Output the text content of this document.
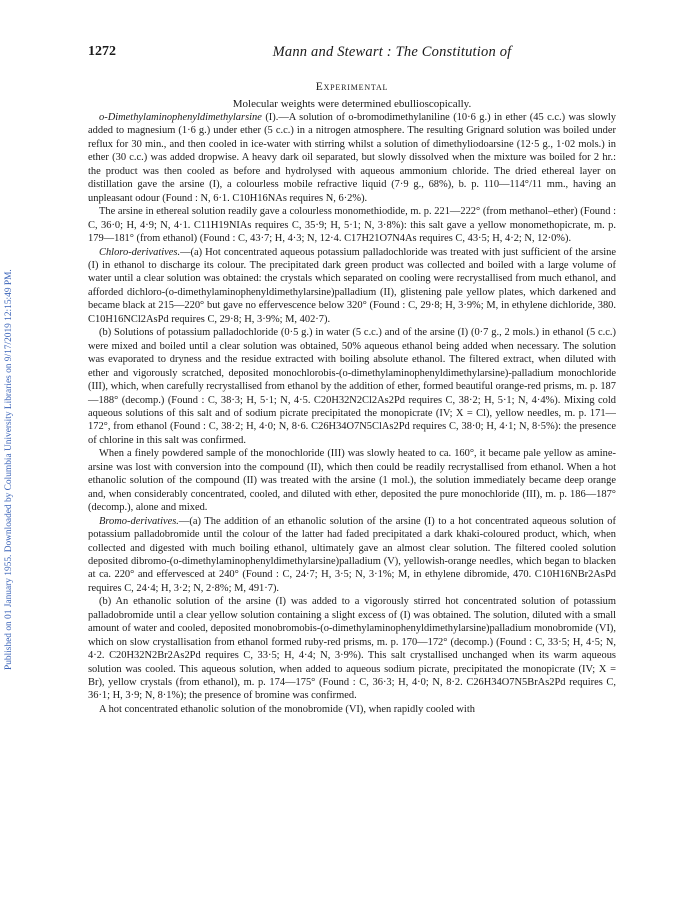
Published on 01 January 1955. Downloaded by Columbia University Libraries on 9/17/2019 12:15:49 PM.
1272	Mann and Stewart : The Constitution of
Experimental
Molecular weights were determined ebullioscopically.

o-Dimethylaminophenyldimethylarsine (I).—A solution of o-bromodimethylaniline (10·6 g.) in ether (45 c.c.) was slowly added to magnesium (1·6 g.) under ether (5 c.c.) in a nitrogen atmosphere. The resulting Grignard solution was boiled under reflux for 30 min., and then cooled in ice-water with stirring whilst a solution of dimethyliodoarsine (12·5 g., 1·02 mols.) in ether (30 c.c.) was added dropwise. A heavy dark oil separated, but slowly dissolved when the mixture was boiled for 2 hr.: the product was then cooled as before and hydrolysed with aqueous ammonium chloride. The dried ethereal layer on distillation gave the arsine (I), a colourless mobile refractive liquid (7·9 g., 68%), b. p. 110—114°/11 mm., having an unpleasant odour (Found : N, 6·1. C10H16NAs requires N, 6·2%).

The arsine in ethereal solution readily gave a colourless monomethiodide, m. p. 221—222° (from methanol–ether) (Found : C, 36·0; H, 4·9; N, 4·1. C11H19NIAs requires C, 35·9; H, 5·1; N, 3·8%): this salt gave a yellow monomethopicrate, m. p. 179—181° (from ethanol) (Found : C, 43·7; H, 4·3; N, 12·4. C17H21O7N4As requires C, 43·5; H, 4·2; N, 12·0%).

Chloro-derivatives.—(a) Hot concentrated aqueous potassium palladochloride was treated with just sufficient of the arsine (I) in ethanol to discharge its colour. The precipitated dark green product was collected and boiled with a large volume of water until a clear solution was obtained: the crystals which separated on cooling were recrystallised from much ethanol, and afforded dichloro-(o-dimethylaminophenyldimethylarsine)palladium (II), glistening pale yellow plates, which darkened and became black at 215—220° but gave no effervescence below 320° (Found : C, 29·8; H, 3·9%; M, in ethylene dichloride, 380. C10H16NCl2AsPd requires C, 29·8; H, 3·9%; M, 402·7).

(b) Solutions of potassium palladochloride (0·5 g.) in water (5 c.c.) and of the arsine (I) (0·7 g., 2 mols.) in ethanol (5 c.c.) were mixed and boiled until a clear solution was obtained, 50% aqueous ethanol being added when necessary. The solution was evaporated to dryness and the residue extracted with boiling absolute ethanol. The filtered extract, when diluted with ether and vigorously scratched, deposited monochlorobis-(o-dimethylaminophenyldimethylarsine)-palladium monochloride (III), which, when carefully recrystallised from ethanol by the addition of ether, formed beautiful orange-red prisms, m. p. 187—188° (decomp.) (Found : C, 38·3; H, 5·1; N, 4·5. C20H32N2Cl2As2Pd requires C, 38·2; H, 5·1; N, 4·4%). Mixing cold aqueous solutions of this salt and of sodium picrate precipitated the monopicrate (IV; X = Cl), yellow needles, m. p. 171—172°, from ethanol (Found : C, 38·2; H, 4·0; N, 8·6. C26H34O7N5ClAs2Pd requires C, 38·0; H, 4·1; N, 8·5%): the presence of chlorine in this salt was confirmed.

When a finely powdered sample of the monochloride (III) was slowly heated to ca. 160°, it became pale yellow as amine-arsine was lost with conversion into the compound (II), which then could be readily recrystallised from ethanol. When a hot ethanolic solution of the compound (II) was treated with the arsine (1 mol.), the solution immediately became deep orange and, when considerably concentrated, cooled, and diluted with ether, deposited the pure monochloride (III), m. p. 186—187° (decomp.), alone and mixed.

Bromo-derivatives.—(a) The addition of an ethanolic solution of the arsine (I) to a hot concentrated aqueous solution of potassium palladobromide until the colour of the latter had faded precipitated a dark khaki-coloured product, which, when collected and digested with much boiling ethanol, ultimately gave an almost clear solution. The filtered cooled solution deposited dibromo-(o-dimethylaminophenyldimethylarsine)palladium (V), yellowish-orange needles, which began to blacken at ca. 220° and effervesced at 240° (Found : C, 24·7; H, 3·5; N, 3·1%; M, in ethylene dibromide, 470. C10H16NBr2AsPd requires C, 24·4; H, 3·2; N, 2·8%; M, 491·7).

(b) An ethanolic solution of the arsine (I) was added to a vigorously stirred hot concentrated solution of potassium palladobromide until a clear yellow solution containing a slight excess of (I) was obtained. The solution, diluted with a small amount of water and cooled, deposited monobromobis-(o-dimethylaminophenyldimethylarsine)palladium monobromide (VI), which on slow crystallisation from ethanol formed ruby-red prisms, m. p. 170—172° (decomp.) (Found : C, 33·5; H, 4·5; N, 4·2. C20H32N2Br2As2Pd requires C, 33·5; H, 4·4; N, 3·9%). This salt crystallised unchanged when its warm aqueous solution was cooled. This aqueous solution, when added to aqueous sodium picrate, precipitated the monopicrate (IV; X = Br), yellow crystals (from ethanol), m. p. 174—175° (Found : C, 36·3; H, 4·0; N, 8·2. C26H34O7N5BrAs2Pd requires C, 36·1; H, 3·9; N, 8·1%); the presence of bromine was confirmed.

A hot concentrated ethanolic solution of the monobromide (VI), when rapidly cooled with
